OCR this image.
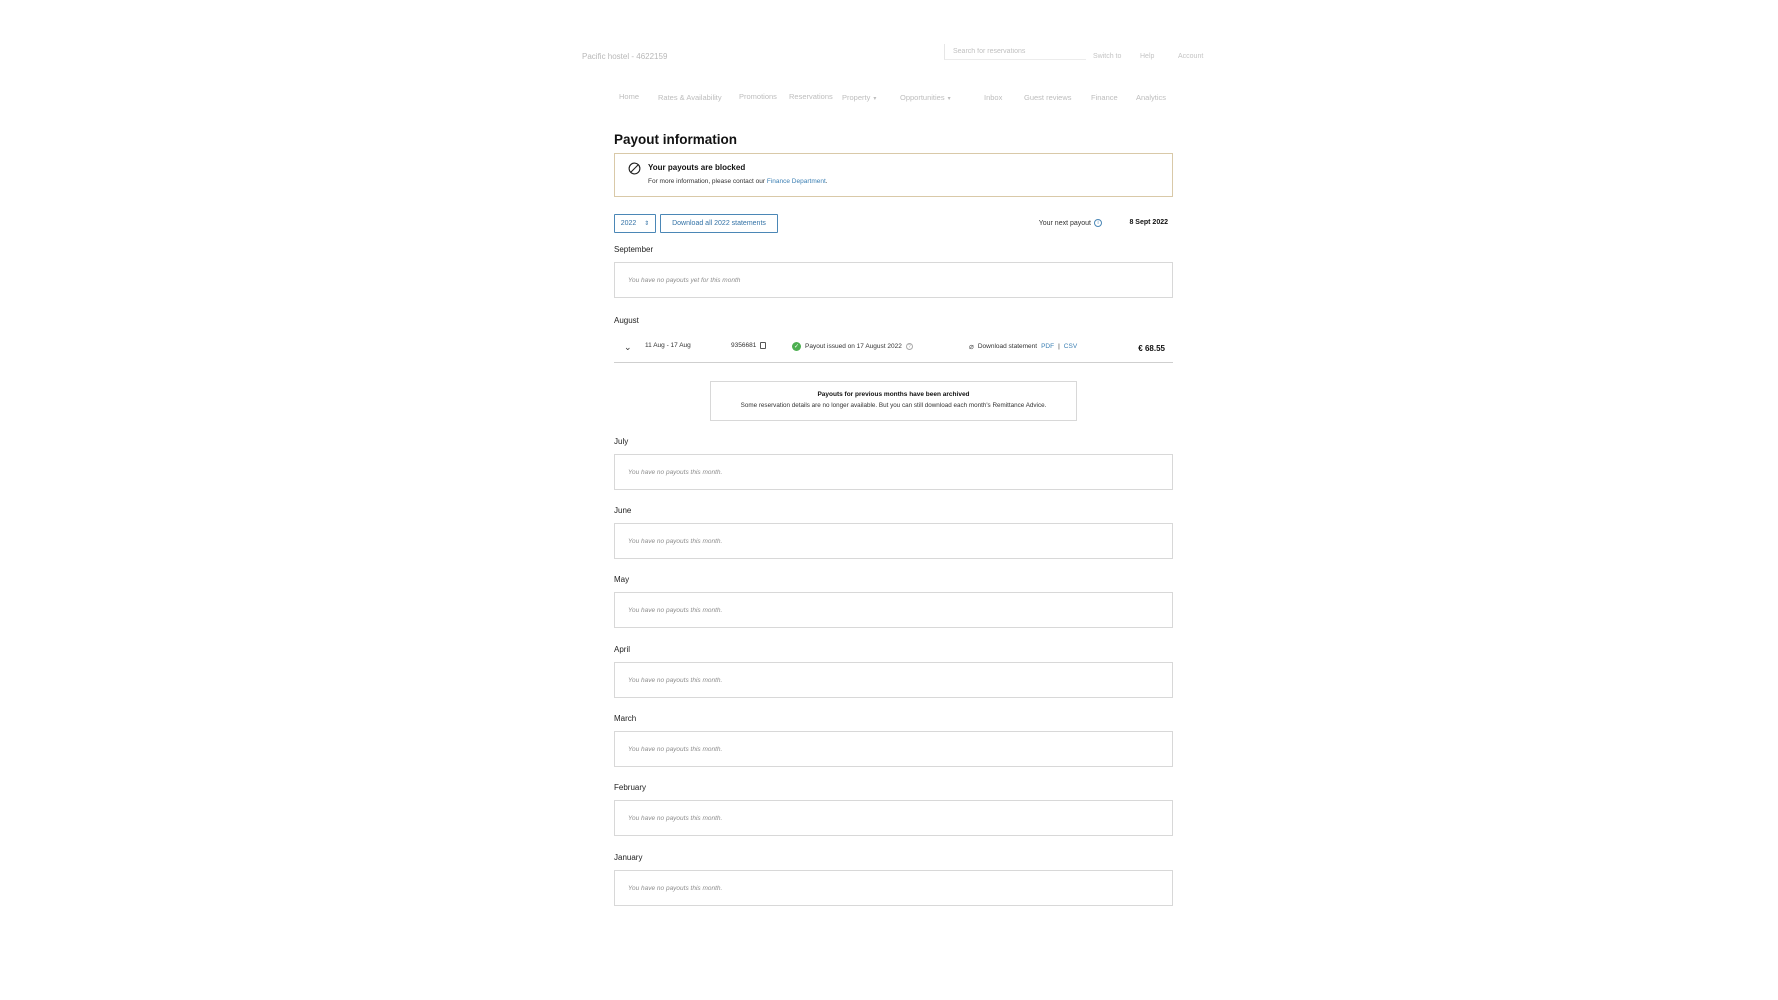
Pacific hostel - 4622159
Search for reservations	Switch to	Help	Account
Home	Rates & Availability Promotions Reservations Property ▾	Opportunities ▾	Inbox	Guest reviews	Finance Analytics
Payout information
Your payouts are blocked
For more information, please contact our Finance Department.
2022 ⇕	Download all 2022 statements	Your next payout	i	8 Sept 2022
September
You have no payouts yet for this month
August
⌄ 11 Aug - 17 Aug	9356681	✓ Payout issued on 17 August 2022	?	⌀ Download statement PDF | CSV	€ 68.55
Payouts for previous months have been archived
Some reservation details are no longer available. But you can still download each month's Remittance Advice.
July
You have no payouts this month.
June
You have no payouts this month.
May
You have no payouts this month.
April
You have no payouts this month.
March
You have no payouts this month.
February
You have no payouts this month.
January
You have no payouts this month.
